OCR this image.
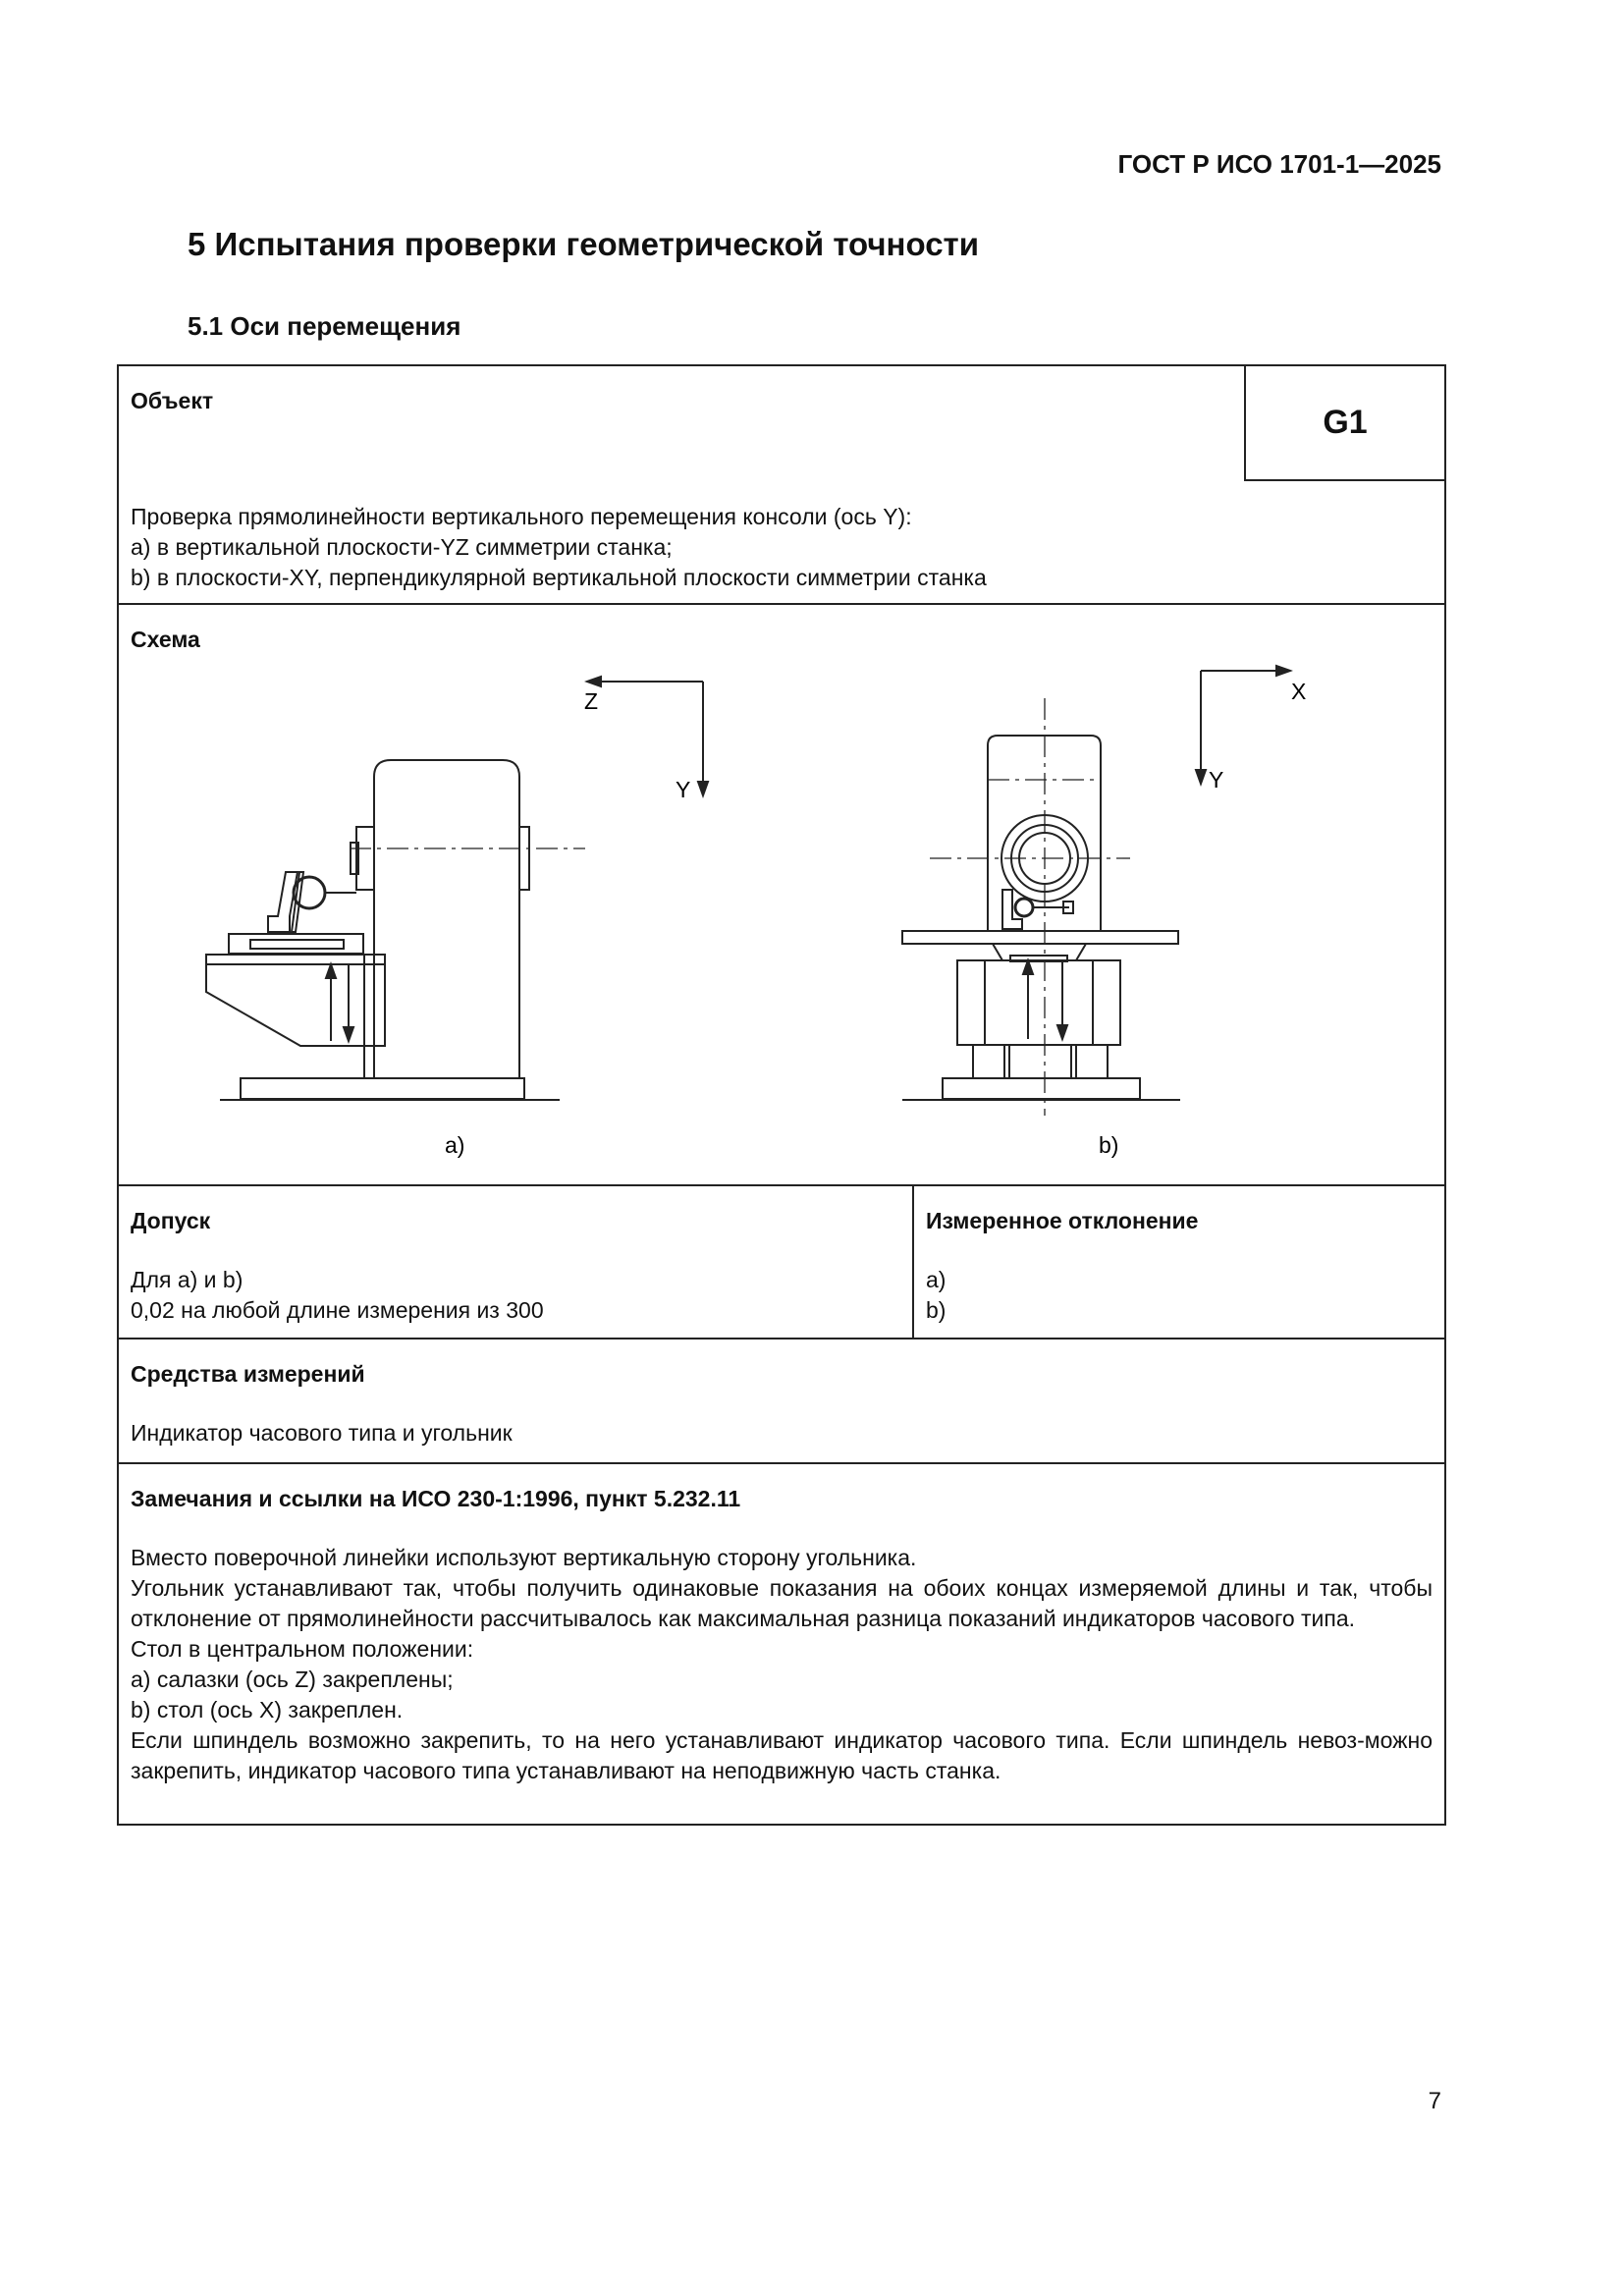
ГОСТ Р ИСО 1701-1—2025
5 Испытания проверки геометрической точности
5.1 Оси перемещения
Объект
G1
Проверка прямолинейности вертикального перемещения консоли (ось Y):
a) в вертикальной плоскости-YZ симметрии станка;
b) в плоскости-XY, перпендикулярной вертикальной плоскости симметрии станка
Схема
Z
Y
X
Y
a)	b)
Допуск
Для a) и b)
0,02 на любой длине измерения из 300
Измеренное отклонение
a)
b)
Средства измерений
Индикатор часового типа и угольник
Замечания и ссылки на ИСО 230-1:1996, пункт 5.232.11
Вместо поверочной линейки используют вертикальную сторону угольника.
Угольник устанавливают так, чтобы получить одинаковые показания на обоих концах измеряемой длины и так, чтобы отклонение от прямолинейности рассчитывалось как максимальная разница показаний индикаторов часового типа.
Стол в центральном положении:
a) салазки (ось Z) закреплены;
b) стол (ось X) закреплен.
Если шпиндель возможно закрепить, то на него устанавливают индикатор часового типа. Если шпиндель невоз-можно закрепить, индикатор часового типа устанавливают на неподвижную часть станка.
7
